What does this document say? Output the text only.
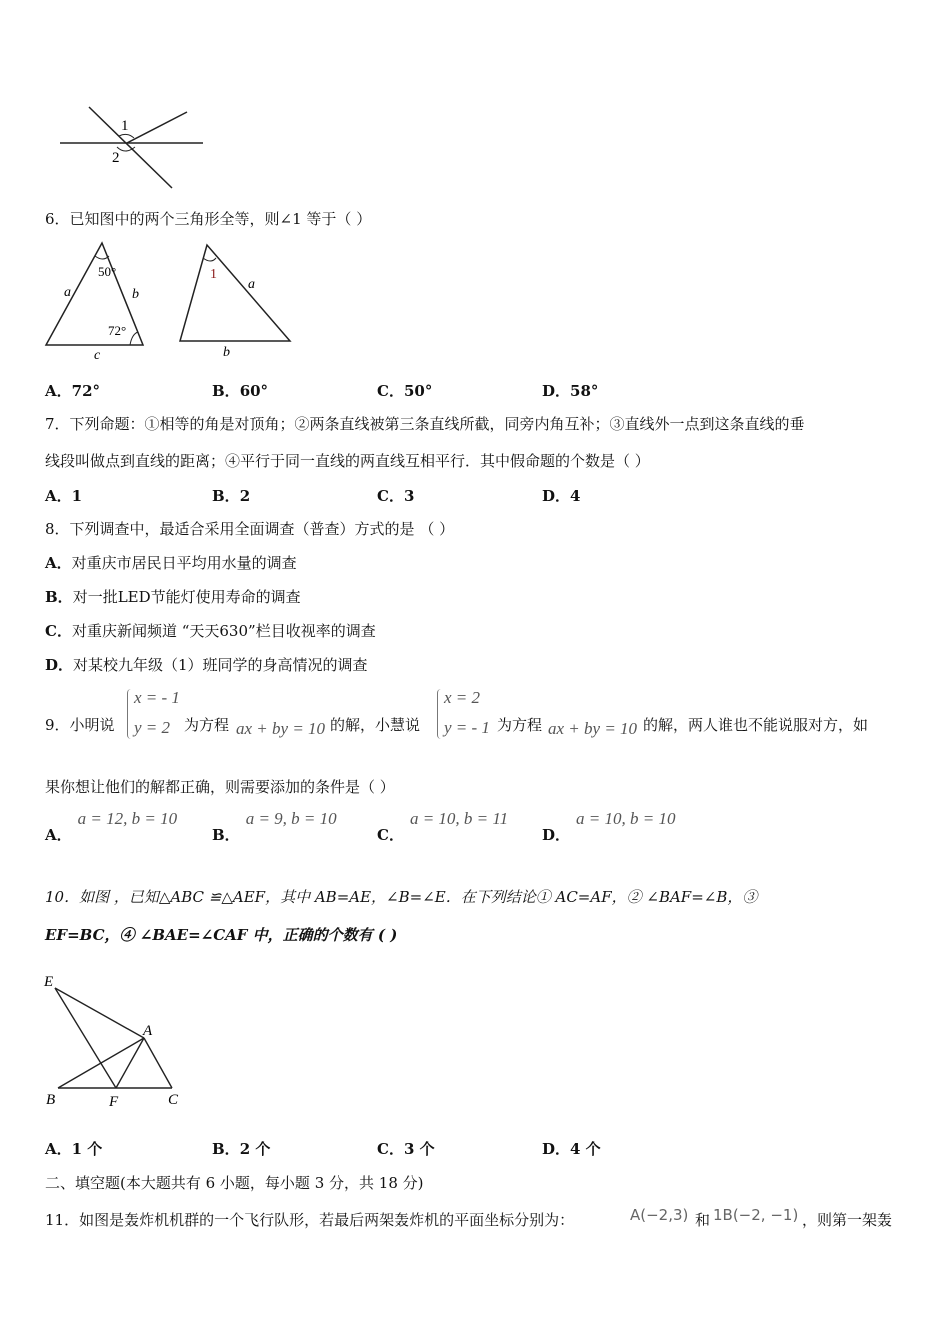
1
2
6．已知图中的两个三角形全等，则∠1 等于（ ）
50°
72°
a	b
c
1
a
b
A．72°	B．60°	C．50°	D．58°
7．下列命题：①相等的角是对顶角；②两条直线被第三条直线所截，同旁内角互补；③直线外一点到这条直线的垂
线段叫做点到直线的距离；④平行于同一直线的两直线互相平行．其中假命题的个数是（ ）
A．1	B．2	C．3	D．4
8．下列调查中，最适合采用全面调查（普查）方式的是 （ ）
A．对重庆市居民日平均用水量的调查
B．对一批LED节能灯使用寿命的调查
C．对重庆新闻频道 “天天630”栏目收视率的调查
D．对某校九年级（1）班同学的身高情况的调查
9．小明说
x = - 1
y = 2 为方程 ax + by = 10 的解，小慧说
x = 2
y = - 1 为方程 ax + by = 10 的解，两人谁也不能说服对方，如
果你想让他们的解都正确，则需要添加的条件是（ ）
A．a = 12, b = 10
B．a = 9, b = 10
C．a = 10, b = 11
D．a = 10, b = 10
10．如图 ，已知△ABC ≌△AEF，其中 AB=AE，∠B=∠E．在下列结论① AC=AF，② ∠BAF=∠B，③
EF=BC，④ ∠BAE=∠CAF 中，正确的个数有 ( )
E
A
B	F	C
A．1 个	B．2 个	C．3 个	D．4 个
二、填空题(本大题共有 6 小题，每小题 3 分，共 18 分)
11．如图是轰炸机机群的一个飞行队形，若最后两架轰炸机的平面坐标分别为：	A(−2,3) 和 1B(−2, −1) ，则第一架轰
